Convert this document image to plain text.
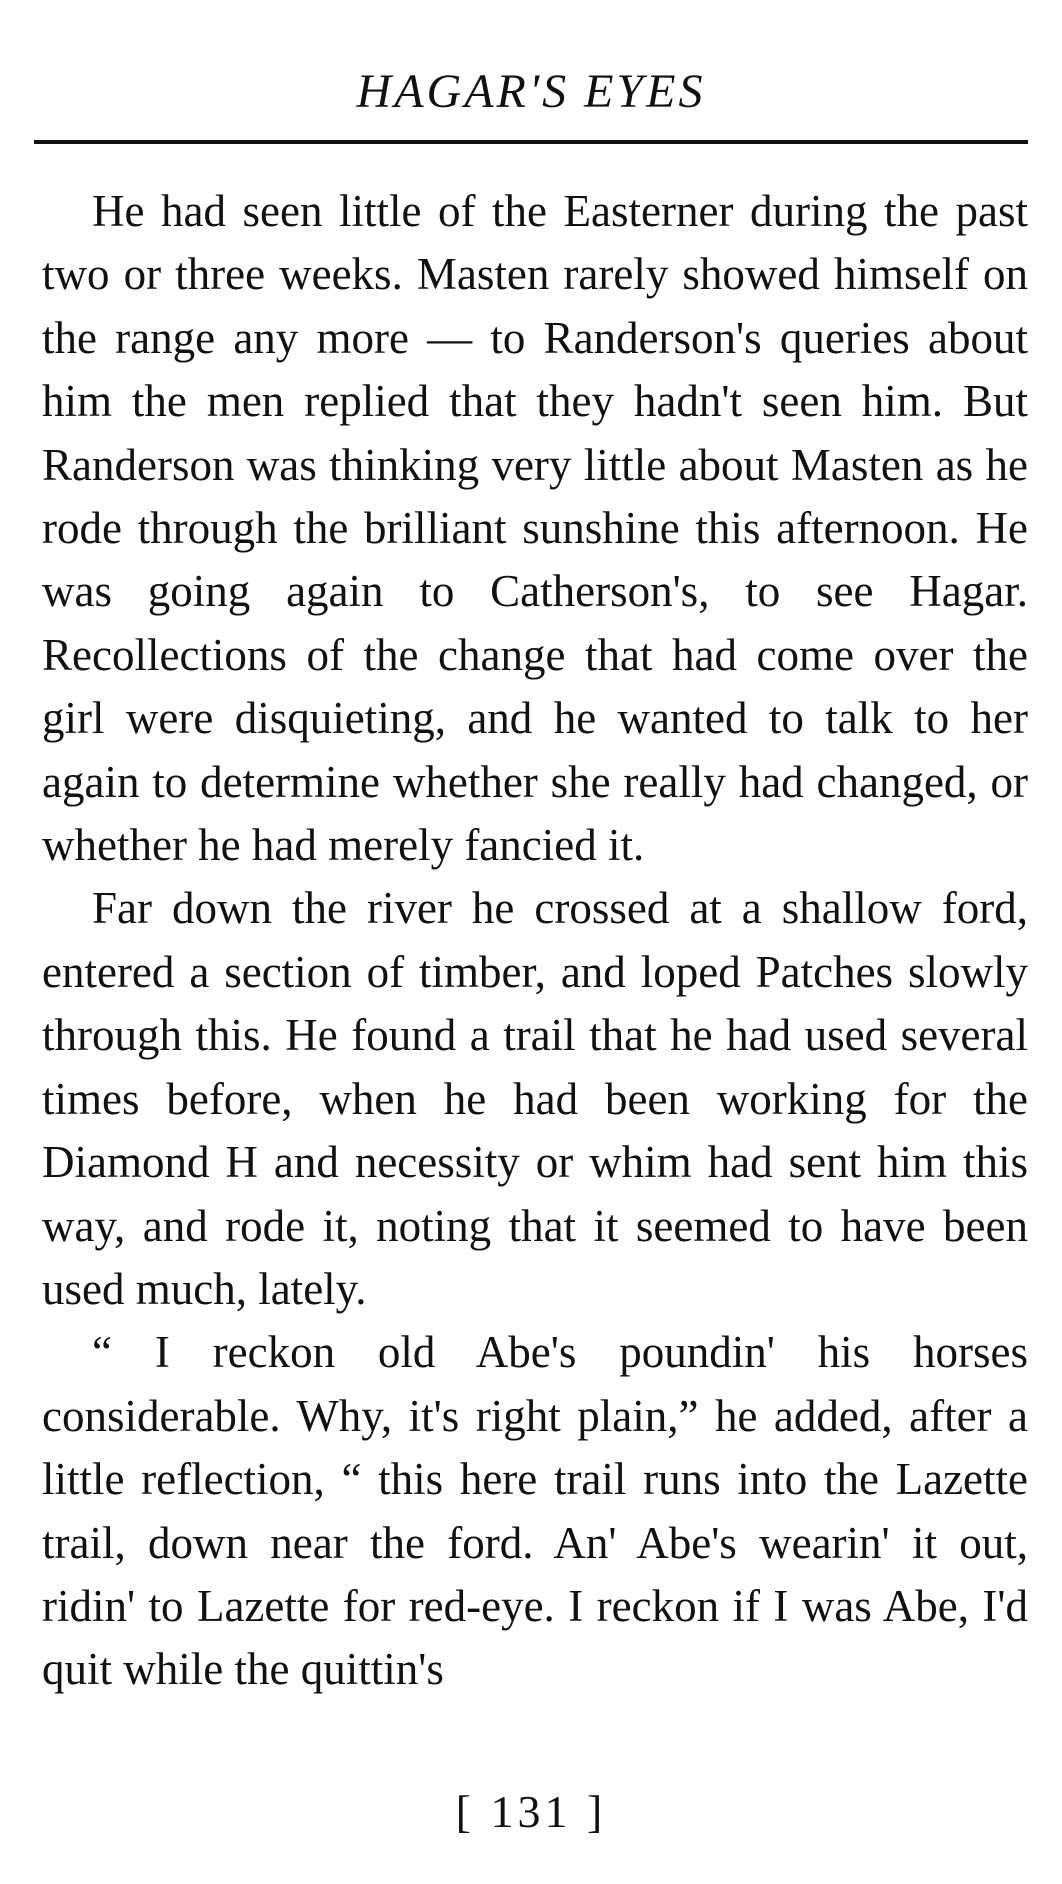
HAGAR'S EYES

He had seen little of the Easterner during the past two or three weeks. Masten rarely showed himself on the range any more — to Randerson's queries about him the men replied that they hadn't seen him. But Randerson was thinking very little about Masten as he rode through the brilliant sunshine this afternoon. He was going again to Catherson's, to see Hagar. Recollections of the change that had come over the girl were disquieting, and he wanted to talk to her again to determine whether she really had changed, or whether he had merely fancied it.

Far down the river he crossed at a shallow ford, entered a section of timber, and loped Patches slowly through this. He found a trail that he had used several times before, when he had been working for the Diamond H and necessity or whim had sent him this way, and rode it, noting that it seemed to have been used much, lately.

“ I reckon old Abe's poundin' his horses considerable. Why, it's right plain,” he added, after a little reflection, “ this here trail runs into the Lazette trail, down near the ford. An' Abe's wearin' it out, ridin' to Lazette for red-eye. I reckon if I was Abe, I'd quit while the quittin's

[ 131 ]
